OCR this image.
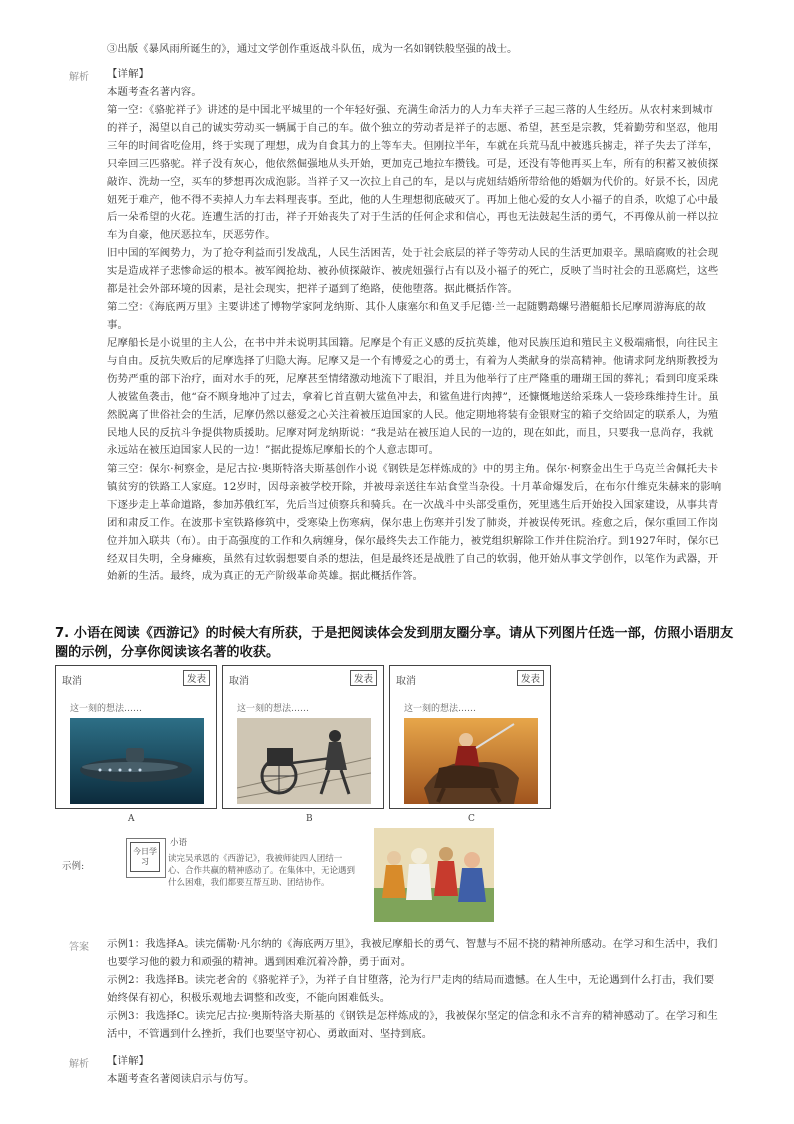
③出版《暴风雨所诞生的》，通过文学创作重返战斗队伍，成为一名如钢铁般坚强的战士。
解析 【详解】
本题考查名著内容。
第一空：《骆驼祥子》讲述的是中国北平城里的一个年轻好强、充满生命活力的人力车夫祥子三起三落的人生经历。从农村来到城市的祥子，渴望以自己的诚实劳动买一辆属于自己的车。做个独立的劳动者是祥子的志愿、希望，甚至是宗教，凭着勤劳和坚忍，他用三年的时间省吃俭用，终于实现了理想，成为自食其力的上等车夫。但刚拉半年，车就在兵荒马乱中被逃兵掳走，祥子失去了洋车，只牵回三匹骆驼。祥子没有灰心，他依然倔强地从头开始，更加克己地拉车攒钱。可是，还没有等他再买上车，所有的积蓄又被侦探敲诈、洗劫一空，买车的梦想再次成泡影。当祥子又一次拉上自己的车，是以与虎妞结婚所带给他的婚姻为代价的。好景不长，因虎妞死于难产，他不得不卖掉人力车去料理丧事。至此，他的人生理想彻底破灭了。再加上他心爱的女人小福子的自杀，吹熄了心中最后一朵希望的火花。连遭生活的打击，祥子开始丧失了对于生活的任何企求和信心，再也无法鼓起生活的勇气，不再像从前一样以拉车为自豪，他厌恶拉车，厌恶劳作。
旧中国的军阀势力，为了抢夺利益而引发战乱，人民生活困苦，处于社会底层的祥子等劳动人民的生活更加艰辛。黑暗腐败的社会现实是造成祥子悲惨命运的根本。被军阀抢劫、被孙侦探敲诈、被虎妞强行占有以及小福子的死亡，反映了当时社会的丑恶腐烂，这些都是社会外部环境的因素，是社会现实，把祥子逼到了绝路，使他堕落。据此概括作答。
第二空：《海底两万里》主要讲述了博物学家阿龙纳斯、其仆人康塞尔和鱼叉手尼德·兰一起随鹦鹉螺号潜艇船长尼摩周游海底的故事。
尼摩船长是小说里的主人公，在书中并未说明其国籍。尼摩是个有正义感的反抗英雄，他对民族压迫和殖民主义极端痛恨，向往民主与自由。反抗失败后的尼摩选择了归隐大海。尼摩又是一个有博爱之心的勇士，有着为人类献身的崇高精神。他请求阿龙纳斯教授为伤势严重的部下治疗，面对水手的死，尼摩甚至情绪激动地流下了眼泪，并且为他举行了庄严隆重的珊瑚王国的葬礼；看到印度采珠人被鲨鱼袭击，他“奋不顾身地冲了过去，拿着匕首直朝大鲨鱼冲去，和鲨鱼进行肉搏”，还慷慨地送给采珠人一袋珍珠维持生计。虽然脱离了世俗社会的生活，尼摩仍然以慈爱之心关注着被压迫国家的人民。他定期地将装有金银财宝的箱子交给固定的联系人，为殖民地人民的反抗斗争提供物质援助。尼摩对阿龙纳斯说：“我是站在被压迫人民的一边的，现在如此，而且，只要我一息尚存，我就永远站在被压迫国家人民的一边！”据此提炼尼摩船长的个人意志即可。
第三空：保尔·柯察金，是尼古拉·奥斯特洛夫斯基创作小说《钢铁是怎样炼成的》中的男主角。保尔·柯察金出生于乌克兰舍佩托夫卡镇贫穷的铁路工人家庭。12岁时，因母亲被学校开除，并被母亲送往车站食堂当杂役。十月革命爆发后，在布尔什维克朱赫来的影响下逐步走上革命道路，参加苏俄红军，先后当过侦察兵和骑兵。在一次战斗中头部受重伤，死里逃生后开始投入国家建设，从事共青团和肃反工作。在波那卡室铁路修筑中，受寒染上伤寒病，保尔患上伤寒并引发了肺炎，并被误传死讯。痊愈之后，保尔重回工作岗位并加入联共（布）。由于高强度的工作和久病缠身，保尔最终失去工作能力，被党组织解除工作并住院治疗。到1927年时，保尔已经双目失明，全身瘫痪，虽然有过软弱想要自杀的想法，但是最终还是战胜了自己的软弱，他开始从事文学创作，以笔作为武器，开始新的生活。最终，成为真正的无产阶级革命英雄。据此概括作答。
7. 小语在阅读《西游记》的时候大有所获，于是把阅读体会发到朋友圈分享。请从下列图片任选一部，仿照小语朋友圈的示例，分享你阅读该名著的收获。
取消	发表
这一刻的想法……
A
取消	发表
这一刻的想法……
B
取消	发表
这一刻的想法……
C
示例:
今日学习
小语
读完吴承恩的《西游记》，我被师徒四人团结一心、合作共赢的精神感动了。在集体中，无论遇到什么困难，我们都要互帮互助、团结协作。
答案 示例1：我选择A。读完儒勒·凡尔纳的《海底两万里》，我被尼摩船长的勇气、智慧与不屈不挠的精神所感动。在学习和生活中，我们也要学习他的毅力和顽强的精神。遇到困难沉着冷静，勇于面对。
示例2：我选择B。读完老舍的《骆驼祥子》，为祥子自甘堕落，沦为行尸走肉的结局而遗憾。在人生中，无论遇到什么打击，我们要始终保有初心，积极乐观地去调整和改变，不能向困难低头。
示例3：我选择C。读完尼古拉·奥斯特洛夫斯基的《钢铁是怎样炼成的》，我被保尔坚定的信念和永不言弃的精神感动了。在学习和生活中，不管遇到什么挫折，我们也要坚守初心、勇敢面对、坚持到底。
解析 【详解】
本题考查名著阅读启示与仿写。
